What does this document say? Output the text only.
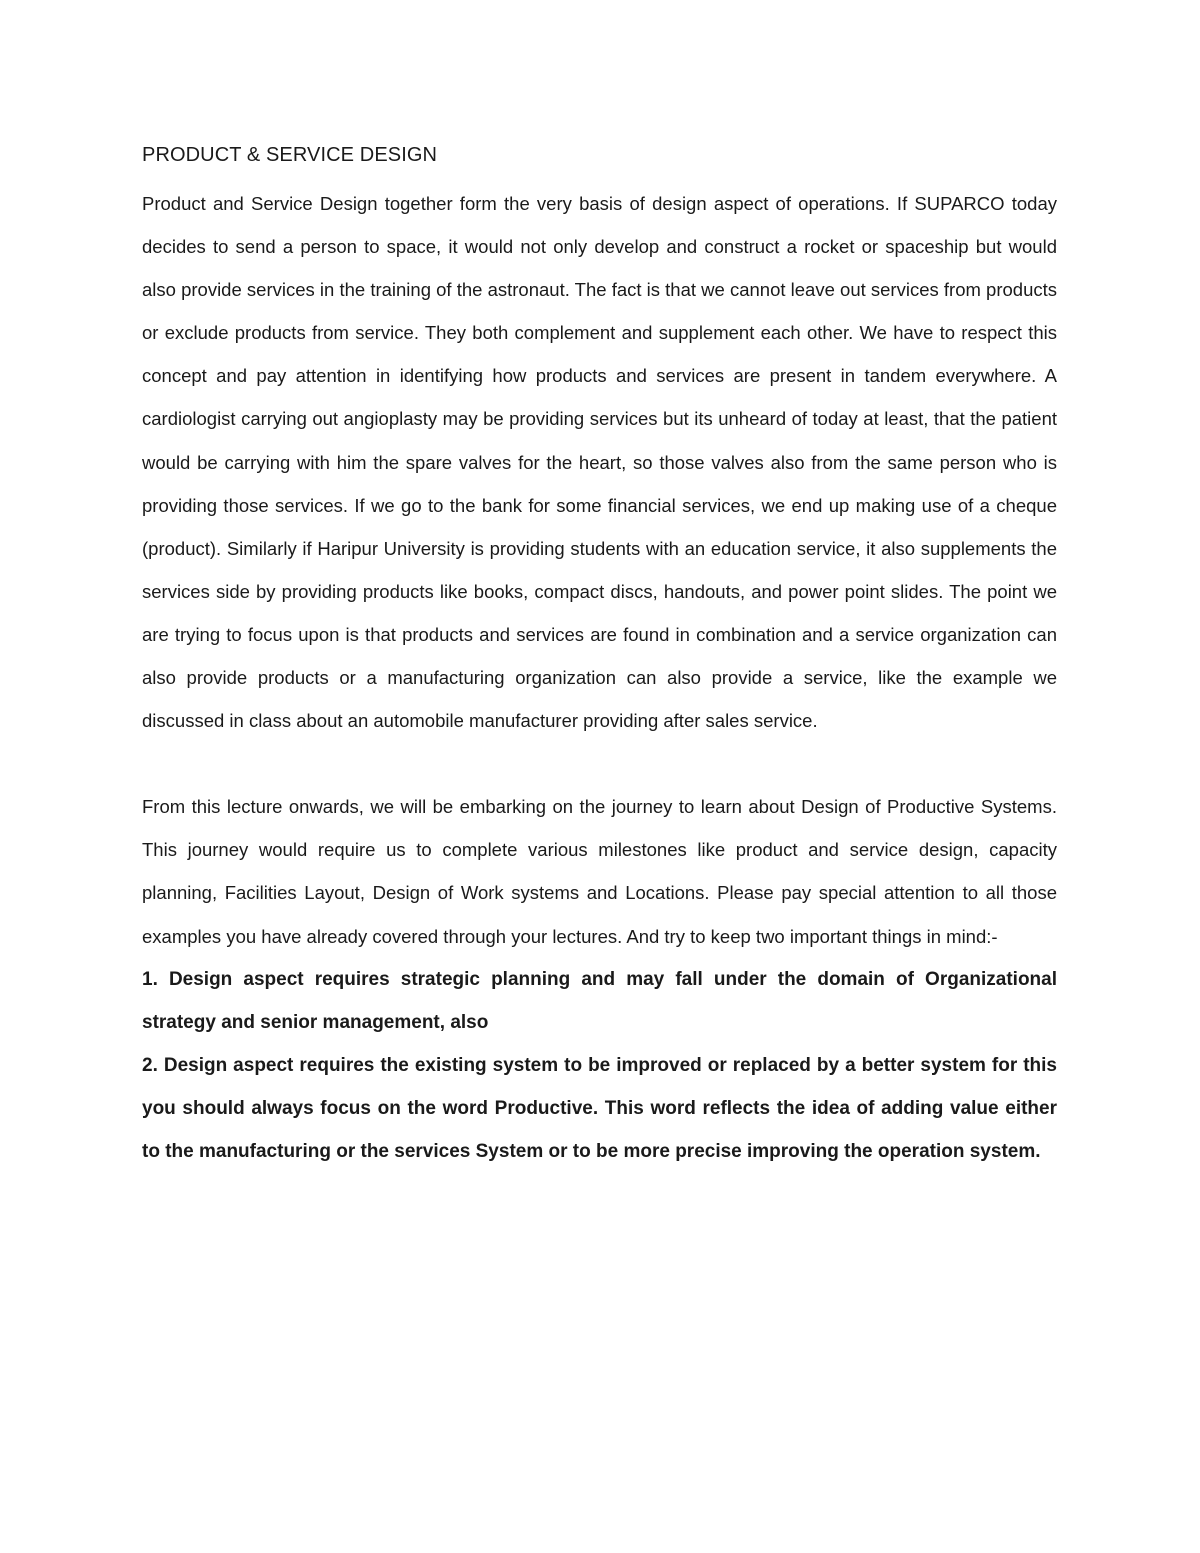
PRODUCT & SERVICE DESIGN

Product and Service Design together form the very basis of design aspect of operations. If SUPARCO today decides to send a person to space, it would not only develop and construct a rocket or spaceship but would also provide services in the training of the astronaut. The fact is that we cannot leave out services from products or exclude products from service. They both complement and supplement each other. We have to respect this concept and pay attention in identifying how products and services are present in tandem everywhere. A cardiologist carrying out angioplasty may be providing services but its unheard of today at least, that the patient would be carrying with him the spare valves for the heart, so those valves also from the same person who is providing those services. If we go to the bank for some financial services, we end up making use of a cheque (product). Similarly if Haripur University is providing students with an education service, it also supplements the services side by providing products like books, compact discs, handouts, and power point slides. The point we are trying to focus upon is that products and services are found in combination and a service organization can also provide products or a manufacturing organization can also provide a service, like the example we discussed in class about an automobile manufacturer providing after sales service.

From this lecture onwards, we will be embarking on the journey to learn about Design of Productive Systems. This journey would require us to complete various milestones like product and service design, capacity planning, Facilities Layout, Design of Work systems and Locations. Please pay special attention to all those examples you have already covered through your lectures. And try to keep two important things in mind:-

1. Design aspect requires strategic planning and may fall under the domain of Organizational strategy and senior management, also

2. Design aspect requires the existing system to be improved or replaced by a better system for this you should always focus on the word Productive. This word reflects the idea of adding value either to the manufacturing or the services System or to be more precise improving the operation system.
